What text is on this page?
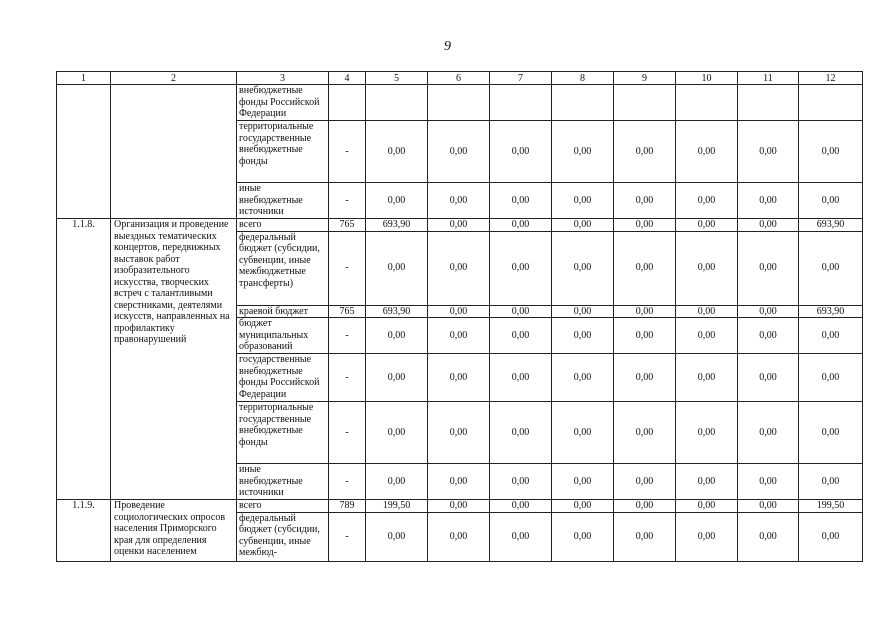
9
1	2	3	4	5	6	7	8	9	10	11	12
		внебюджетные фонды Российской Федерации									
		территориальные государственные внебюджетные фонды	-	0,00	0,00	0,00	0,00	0,00	0,00	0,00	0,00
		иные внебюджетные источники	-	0,00	0,00	0,00	0,00	0,00	0,00	0,00	0,00
1.1.8.	Организация и проведение выездных тематических концертов, передвижных выставок работ изобразительного искусства, творческих встреч с талантливыми сверстниками, деятелями искусств, направленных на профилактику правонарушений	всего	765	693,90	0,00	0,00	0,00	0,00	0,00	0,00	693,90
		федеральный бюджет (субсидии, субвенции, иные межбюджетные трансферты)	-	0,00	0,00	0,00	0,00	0,00	0,00	0,00	0,00
		краевой бюджет	765	693,90	0,00	0,00	0,00	0,00	0,00	0,00	693,90
		бюджет муниципальных образований	-	0,00	0,00	0,00	0,00	0,00	0,00	0,00	0,00
		государственные внебюджетные фонды Российской Федерации	-	0,00	0,00	0,00	0,00	0,00	0,00	0,00	0,00
		территориальные государственные внебюджетные фонды	-	0,00	0,00	0,00	0,00	0,00	0,00	0,00	0,00
		иные внебюджетные источники	-	0,00	0,00	0,00	0,00	0,00	0,00	0,00	0,00
1.1.9.	Проведение социологических опросов населения Приморского края для определения оценки населением	всего	789	199,50	0,00	0,00	0,00	0,00	0,00	0,00	199,50
		федеральный бюджет (субсидии, субвенции, иные межбюд-	-	0,00	0,00	0,00	0,00	0,00	0,00	0,00	0,00
